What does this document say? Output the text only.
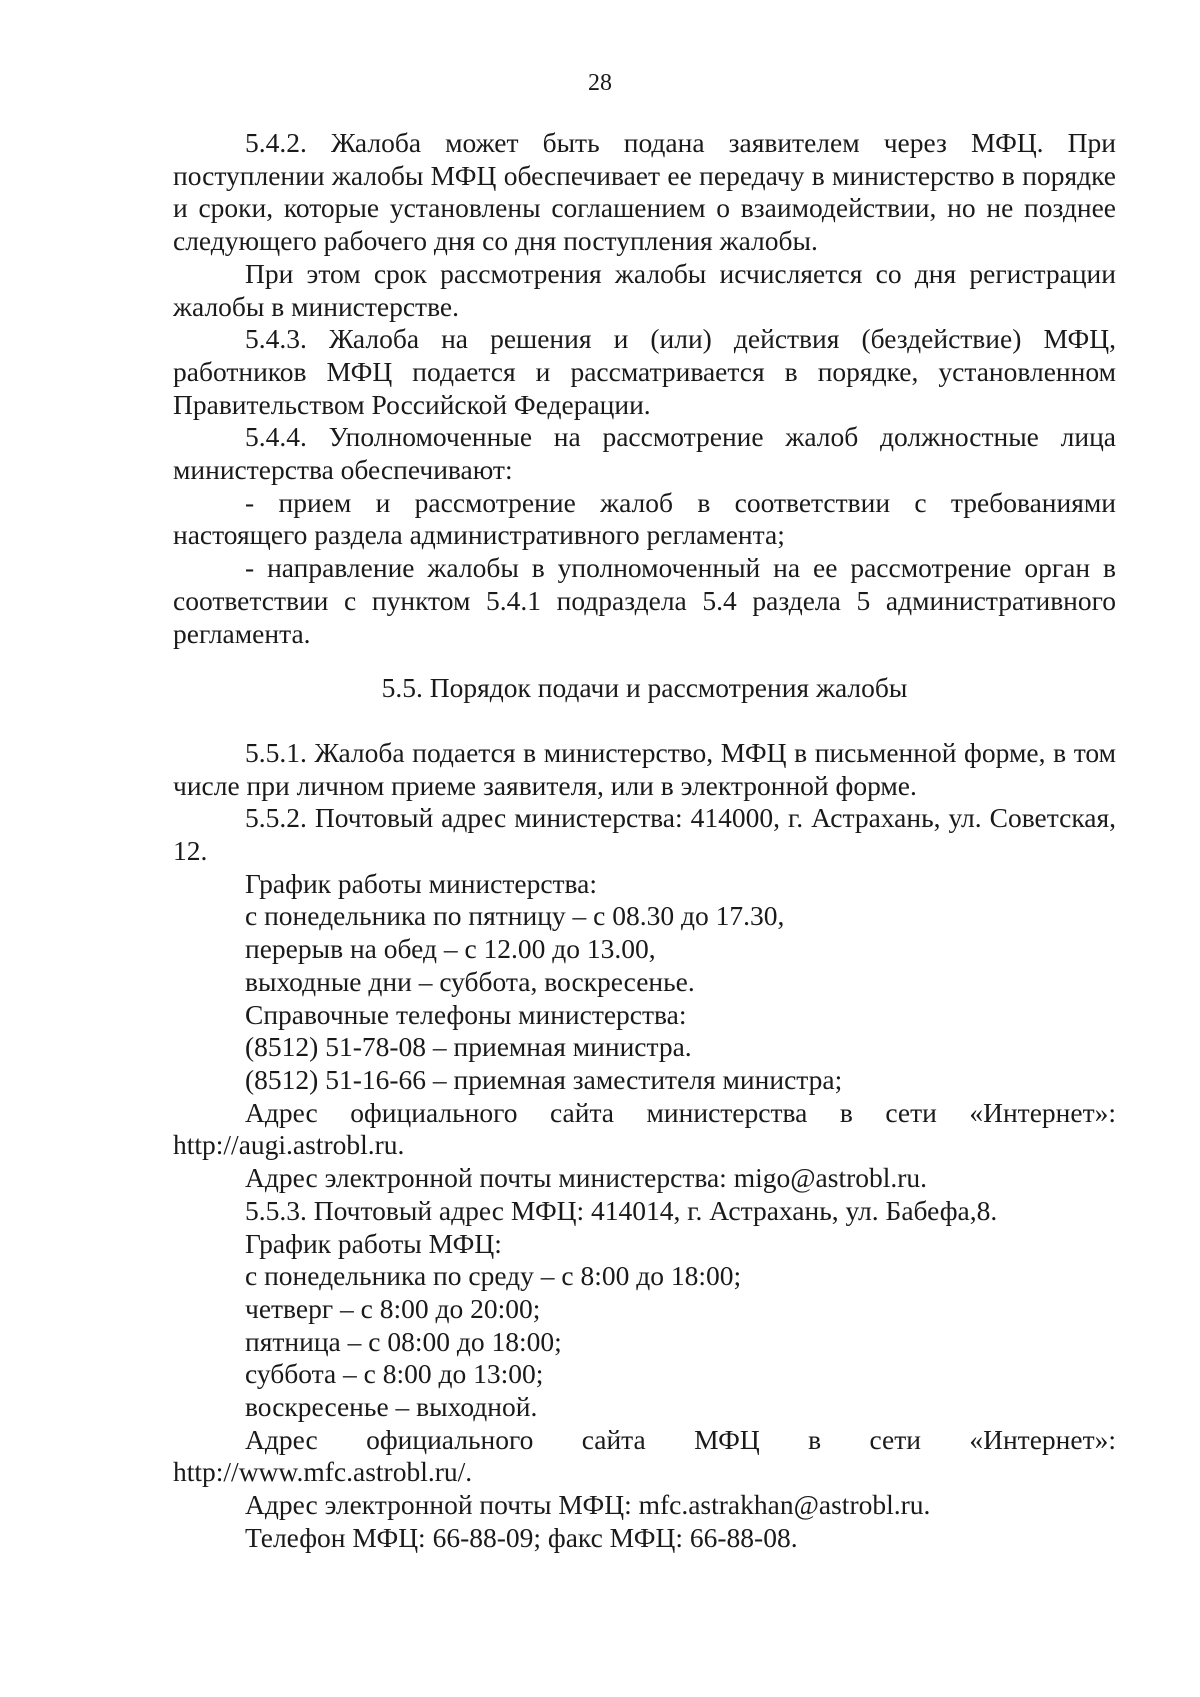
28

5.4.2. Жалоба может быть подана заявителем через МФЦ. При поступлении жалобы МФЦ обеспечивает ее передачу в министерство в порядке и сроки, которые установлены соглашением о взаимодействии, но не позднее следующего рабочего дня со дня поступления жалобы.

При этом срок рассмотрения жалобы исчисляется со дня регистрации жалобы в министерстве.

5.4.3. Жалоба на решения и (или) действия (бездействие) МФЦ, работников МФЦ подается и рассматривается в порядке, установленном Правительством Российской Федерации.

5.4.4. Уполномоченные на рассмотрение жалоб должностные лица министерства обеспечивают:

- прием и рассмотрение жалоб в соответствии с требованиями настоящего раздела административного регламента;

- направление жалобы в уполномоченный на ее рассмотрение орган в соответствии с пунктом 5.4.1 подраздела 5.4 раздела 5 административного регламента.

5.5. Порядок подачи и рассмотрения жалобы

5.5.1. Жалоба подается в министерство, МФЦ в письменной форме, в том числе при личном приеме заявителя, или в электронной форме.

5.5.2. Почтовый адрес министерства: 414000, г. Астрахань, ул. Советская, 12.

График работы министерства:

с понедельника по пятницу – с 08.30 до 17.30,

перерыв на обед – с 12.00 до 13.00,

выходные дни – суббота, воскресенье.

Справочные телефоны министерства:

(8512) 51-78-08 – приемная министра.

(8512) 51-16-66 – приемная заместителя министра;

Адрес официального сайта министерства в сети «Интернет»: http://augi.astrobl.ru.

Адрес электронной почты министерства: migo@astrobl.ru.

5.5.3. Почтовый адрес МФЦ: 414014, г. Астрахань, ул. Бабефа,8.

График работы МФЦ:

с понедельника по среду – с 8:00 до 18:00;

четверг – с 8:00 до 20:00;

пятница – с 08:00 до 18:00;

суббота – с 8:00 до 13:00;

воскресенье – выходной.

Адрес официального сайта МФЦ в сети «Интернет»: http://www.mfc.astrobl.ru/.

Адрес электронной почты МФЦ: mfc.astrakhan@astrobl.ru.

Телефон МФЦ: 66-88-09; факс МФЦ: 66-88-08.
